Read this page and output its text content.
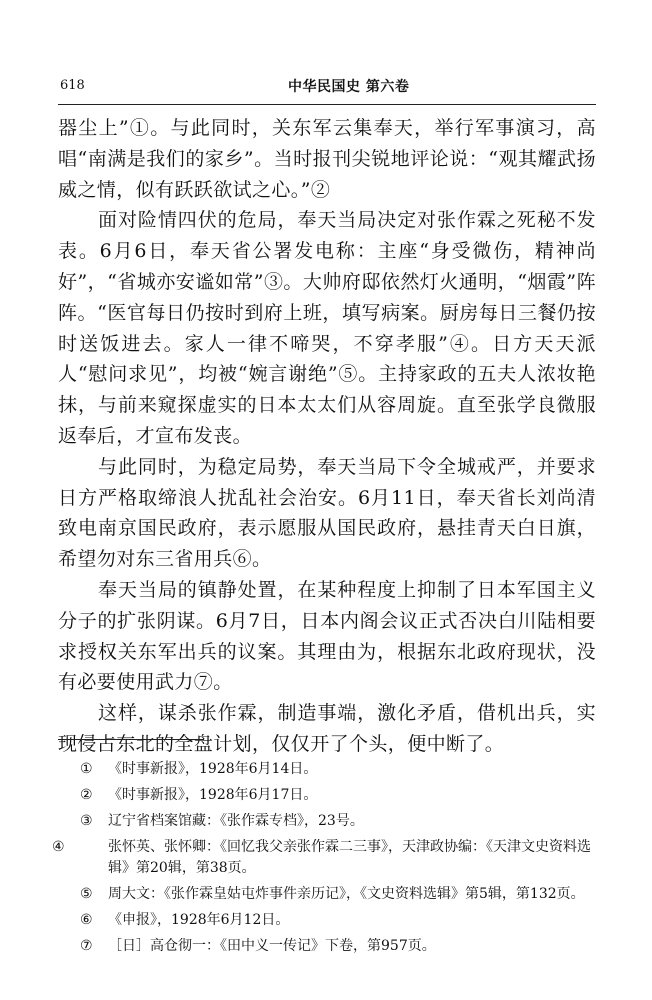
618	中华民国史 第六卷

器尘上”①。与此同时，关东军云集奉天，举行军事演习，高唱“南满是我们的家乡”。当时报刊尖锐地评论说：“观其耀武扬威之情，似有跃跃欲试之心。”②

面对险情四伏的危局，奉天当局决定对张作霖之死秘不发表。6月6日，奉天省公署发电称：主座“身受微伤，精神尚好”，“省城亦安谧如常”③。大帅府邸依然灯火通明，“烟霞”阵阵。“医官每日仍按时到府上班，填写病案。厨房每日三餐仍按时送饭进去。家人一律不啼哭，不穿孝服”④。日方天天派人“慰问求见”，均被“婉言谢绝”⑤。主持家政的五夫人浓妆艳抹，与前来窥探虚实的日本太太们从容周旋。直至张学良微服返奉后，才宣布发丧。

与此同时，为稳定局势，奉天当局下令全城戒严，并要求日方严格取缔浪人扰乱社会治安。6月11日，奉天省长刘尚清致电南京国民政府，表示愿服从国民政府，悬挂青天白日旗，希望勿对东三省用兵⑥。

奉天当局的镇静处置，在某种程度上抑制了日本军国主义分子的扩张阴谋。6月7日，日本内阁会议正式否决白川陆相要求授权关东军出兵的议案。其理由为，根据东北政府现状，没有必要使用武力⑦。

这样，谋杀张作霖，制造事端，激化矛盾，借机出兵，实现侵占东北的全盘计划，仅仅开了个头，便中断了。

① 《时事新报》，1928年6月14日。

② 《时事新报》，1928年6月17日。

③ 辽宁省档案馆藏：《张作霖专档》，23号。

④	张怀英、张怀卿：《回忆我父亲张作霖二三事》，天津政协编：《天津文史资料选辑》第20辑，第38页。

⑤ 周大文：《张作霖皇姑屯炸事件亲历记》，《文史资料选辑》第5辑，第132页。

⑥ 《申报》，1928年6月12日。

⑦ ［日］高仓彻一：《田中义一传记》下卷，第957页。
